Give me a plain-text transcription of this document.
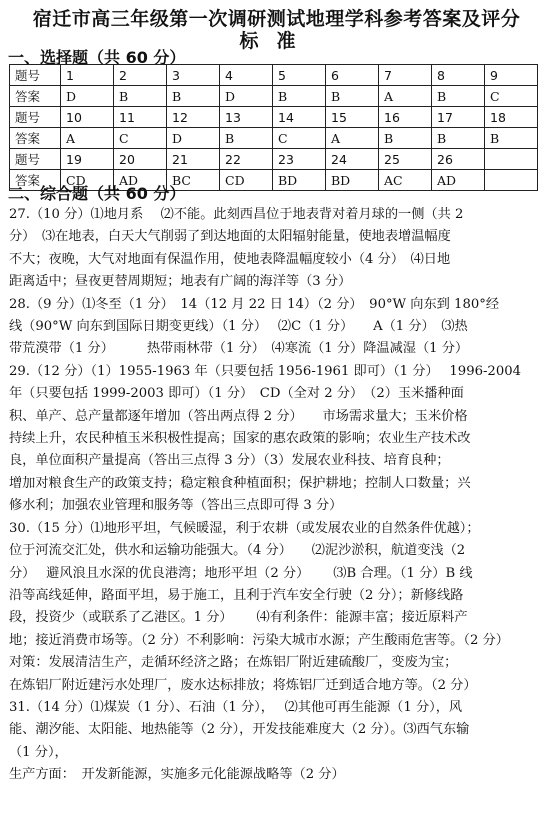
宿迁市高三年级第一次调研测试地理学科参考答案及评分
标准
一、选择题（共 60 分）
题号	1	2	3	4	5	6	7	8	9
答案	D	B	B	D	B	B	A	B	C
题号	10	11	12	13	14	15	16	17	18
答案	A	C	D	B	C	A	B	B	B
题号	19	20	21	22	23	24	25	26	
答案	CD	AD	BC	CD	BD	BD	AC	AD	
二、综合题（共 60 分）
27.（10 分）⑴地月系　 ⑵不能。此刻西昌位于地表背对着月球的一侧（共 2
分）　⑶在地表，白天大气削弱了到达地面的太阳辐射能量，使地表增温幅度
不大；夜晚，大气对地面有保温作用，使地表降温幅度较小（4 分）　⑷日地
距离适中；昼夜更替周期短；地表有广阔的海洋等（3 分）
28.（9 分）⑴冬至（1 分）　14（12 月 22 日 14）（2 分）　90°W 向东到 180°经
线（90°W 向东到国际日期变更线）（1 分）　 ⑵C（1 分）　　A（1 分）　⑶热
带荒漠带（1 分）　　　热带雨林带（1 分）　⑷寒流（1 分）降温减湿（1 分）
29.（12 分）（1）1955-1963 年（只要包括 1956-1961 即可）（1 分）　 1996-2004
年（只要包括 1999-2003 即可）（1 分）　CD（全对 2 分）　（2）玉米播种面
积、单产、总产量都逐年增加（答出两点得 2 分）　　市场需求量大；玉米价格
持续上升，农民种植玉米积极性提高；国家的惠农政策的影响；农业生产技术改
良，单位面积产量提高（答出三点得 3 分）（3）发展农业科技、培育良种；
增加对粮食生产的政策支持；稳定粮食种植面积；保护耕地；控制人口数量；兴
修水利；加强农业管理和服务等（答出三点即可得 3 分）
30.（15 分）⑴地形平坦，气候暖湿，利于农耕（或发展农业的自然条件优越）；
位于河流交汇处，供水和运输功能强大。（4 分）　　⑵泥沙淤积，航道变浅（2
分）　 避风浪且水深的优良港湾；地形平坦（2 分）　　 ⑶B 合理。（1 分）B 线
沿等高线延伸，路面平坦，易于施工，且利于汽车安全行驶（2 分）；新修线路
段，投资少（或联系了乙港区。1 分）　　 ⑷有利条件：能源丰富；接近原料产
地；接近消费市场等。（2 分）不利影响：污染大城市水源；产生酸雨危害等。（2 分）
对策：发展清洁生产，走循环经济之路；在炼铝厂附近建硫酸厂，变废为宝；
在炼铝厂附近建污水处理厂，废水达标排放；将炼铝厂迁到适合地方等。（2 分）
31.（14 分）⑴煤炭（1 分）、石油（1 分），　 ⑵其他可再生能源（1 分），风
能、潮汐能、太阳能、地热能等（2 分），开发技能难度大（2 分）。⑶西气东输
（1 分），
生产方面：　开发新能源，实施多元化能源战略等（2 分）
